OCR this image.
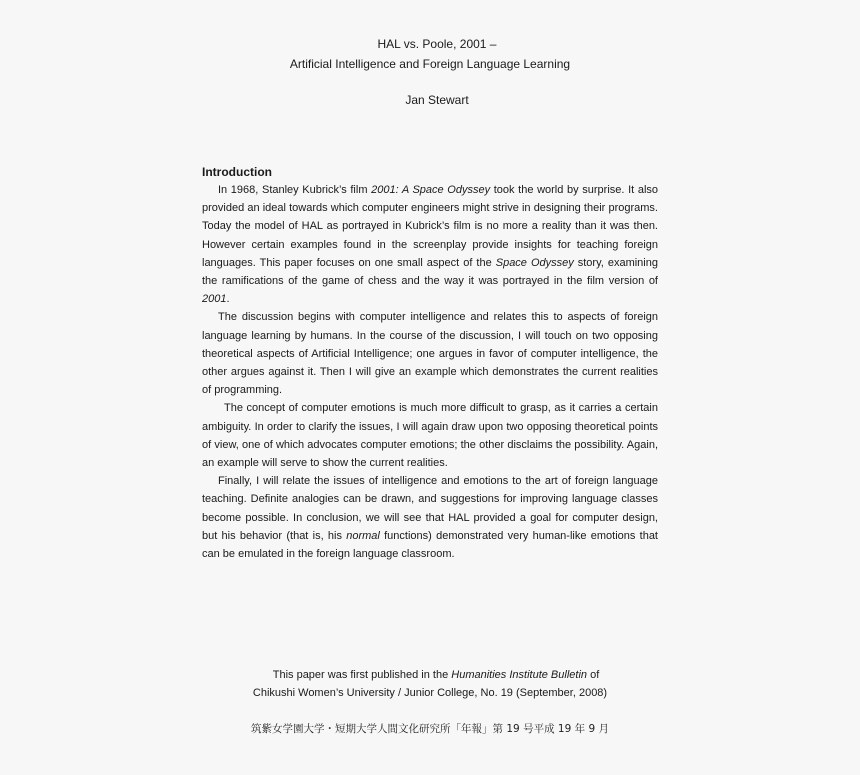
HAL vs. Poole, 2001 –
Artificial Intelligence and Foreign Language Learning
Jan Stewart

Introduction

In 1968, Stanley Kubrick’s film 2001: A Space Odyssey took the world by surprise. It also provided an ideal towards which computer engineers might strive in designing their programs. Today the model of HAL as portrayed in Kubrick’s film is no more a reality than it was then. However certain examples found in the screenplay provide insights for teaching foreign languages. This paper focuses on one small aspect of the Space Odyssey story, examining the ramifications of the game of chess and the way it was portrayed in the film version of 2001.

The discussion begins with computer intelligence and relates this to aspects of foreign language learning by humans. In the course of the discussion, I will touch on two opposing theoretical aspects of Artificial Intelligence; one argues in favor of computer intelligence, the other argues against it. Then I will give an example which demonstrates the current realities of programming.

The concept of computer emotions is much more difficult to grasp, as it carries a certain ambiguity. In order to clarify the issues, I will again draw upon two opposing theoretical points of view, one of which advocates computer emotions; the other disclaims the possibility. Again, an example will serve to show the current realities.

Finally, I will relate the issues of intelligence and emotions to the art of foreign language teaching. Definite analogies can be drawn, and suggestions for improving language classes become possible. In conclusion, we will see that HAL provided a goal for computer design, but his behavior (that is, his normal functions) demonstrated very human-like emotions that can be emulated in the foreign language classroom.

This paper was first published in the Humanities Institute Bulletin of
Chikushi Women’s University / Junior College, No. 19 (September, 2008)
筑紫女学園大学・短期大学人間文化研究所「年報」第 19 号平成 19 年 9 月
